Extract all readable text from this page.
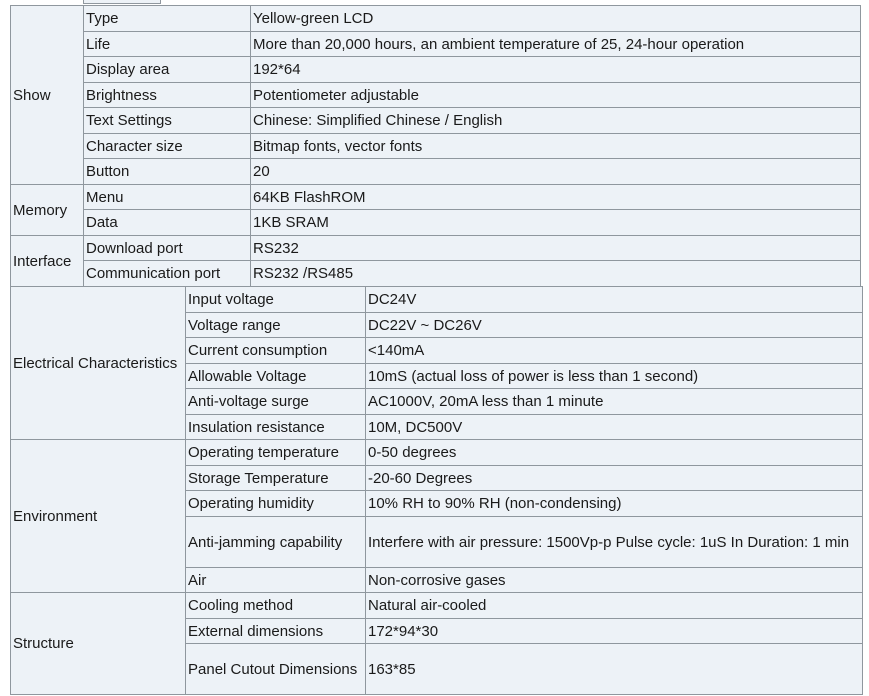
Show
Type	Yellow-green LCD
Life	More than 20,000 hours, an ambient temperature of 25, 24-hour operation
Display area	192*64
Brightness	Potentiometer adjustable
Text Settings	Chinese: Simplified Chinese / English
Character size	Bitmap fonts, vector fonts
Button	20
Memory
Menu	64KB FlashROM
Data	1KB SRAM
Interface
Download port	RS232
Communication port	RS232 /RS485
Electrical Characteristics
Input voltage	DC24V
Voltage range	DC22V ~ DC26V
Current consumption	<140mA
Allowable Voltage	10mS (actual loss of power is less than 1 second)
Anti-voltage surge	AC1000V, 20mA less than 1 minute
Insulation resistance	10M, DC500V
Environment
Operating temperature	0-50 degrees
Storage Temperature	-20-60 Degrees
Operating humidity	10% RH to 90% RH (non-condensing)
Anti-jamming capability	Interfere with air pressure: 1500Vp-p Pulse cycle: 1uS In Duration: 1 min
Air	Non-corrosive gases
Structure
Cooling method	Natural air-cooled
External dimensions	172*94*30
Panel Cutout Dimensions 163*85
